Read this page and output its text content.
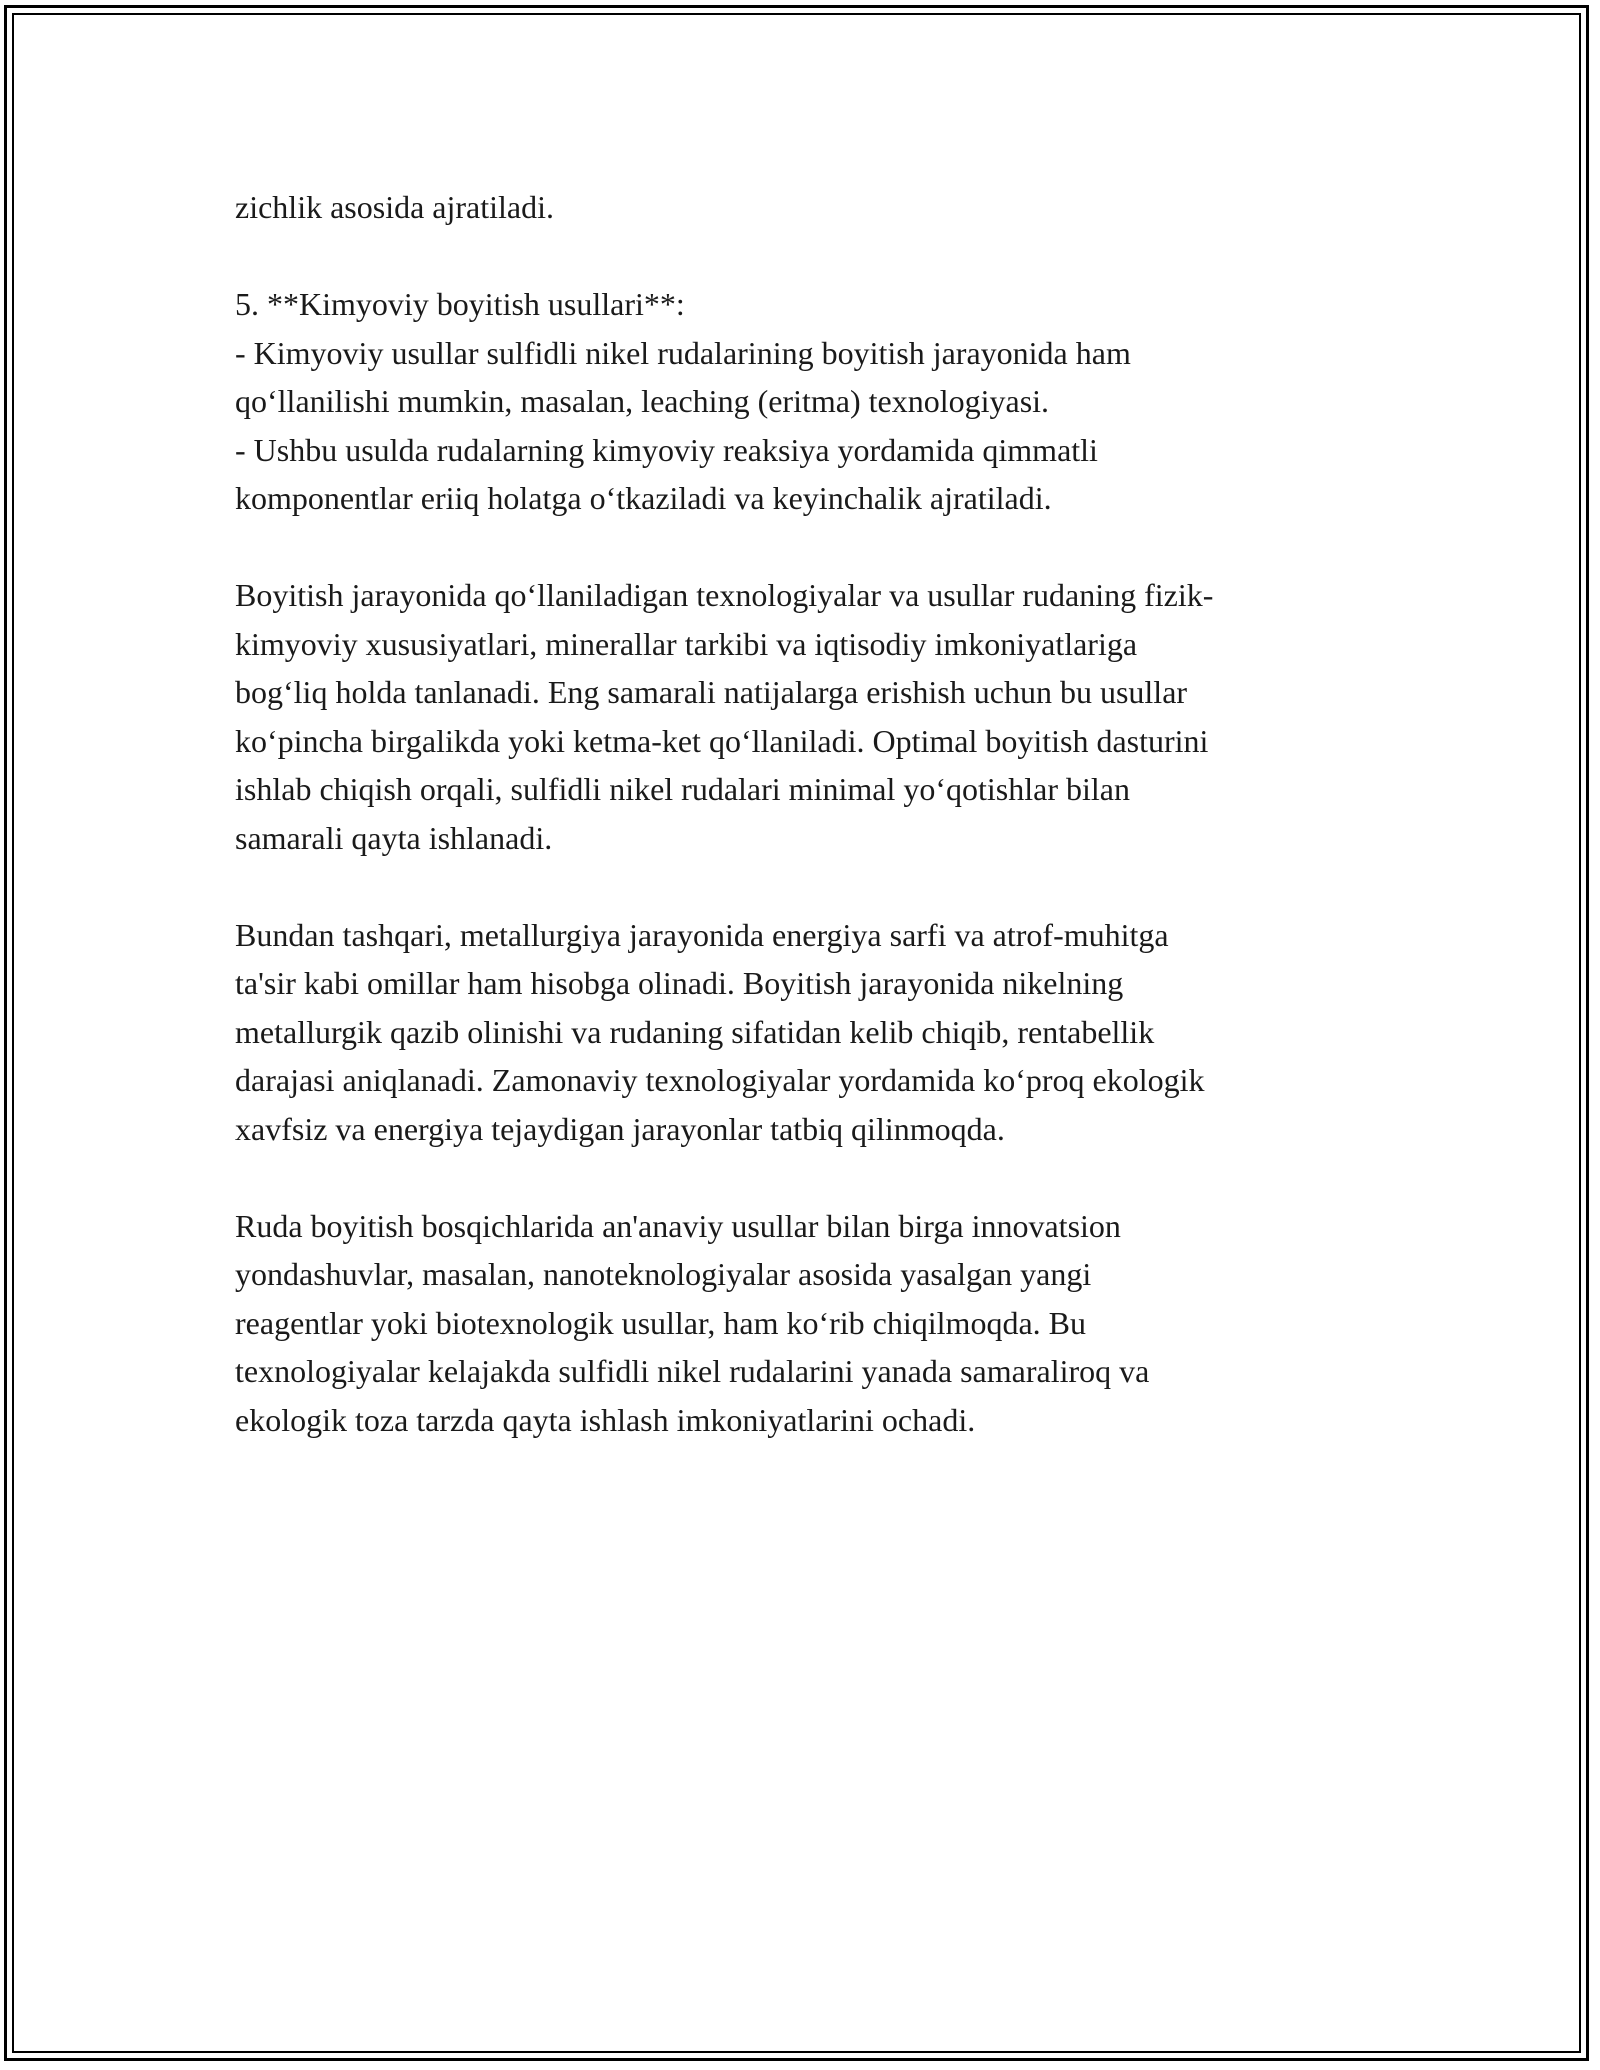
zichlik asosida ajratiladi.

5. **Kimyoviy boyitish usullari**:
- Kimyoviy usullar sulfidli nikel rudalarining boyitish jarayonida ham
qo‘llanilishi mumkin, masalan, leaching (eritma) texnologiyasi.
- Ushbu usulda rudalarning kimyoviy reaksiya yordamida qimmatli
komponentlar eriiq holatga o‘tkaziladi va keyinchalik ajratiladi.

Boyitish jarayonida qo‘llaniladigan texnologiyalar va usullar rudaning fizik-
kimyoviy xususiyatlari, minerallar tarkibi va iqtisodiy imkoniyatlariga
bog‘liq holda tanlanadi. Eng samarali natijalarga erishish uchun bu usullar
ko‘pincha birgalikda yoki ketma-ket qo‘llaniladi. Optimal boyitish dasturini
ishlab chiqish orqali, sulfidli nikel rudalari minimal yo‘qotishlar bilan
samarali qayta ishlanadi.

Bundan tashqari, metallurgiya jarayonida energiya sarfi va atrof-muhitga
ta'sir kabi omillar ham hisobga olinadi. Boyitish jarayonida nikelning
metallurgik qazib olinishi va rudaning sifatidan kelib chiqib, rentabellik
darajasi aniqlanadi. Zamonaviy texnologiyalar yordamida ko‘proq ekologik
xavfsiz va energiya tejaydigan jarayonlar tatbiq qilinmoqda.

Ruda boyitish bosqichlarida an'anaviy usullar bilan birga innovatsion
yondashuvlar, masalan, nanoteknologiyalar asosida yasalgan yangi
reagentlar yoki biotexnologik usullar, ham ko‘rib chiqilmoqda. Bu
texnologiyalar kelajakda sulfidli nikel rudalarini yanada samaraliroq va
ekologik toza tarzda qayta ishlash imkoniyatlarini ochadi.
